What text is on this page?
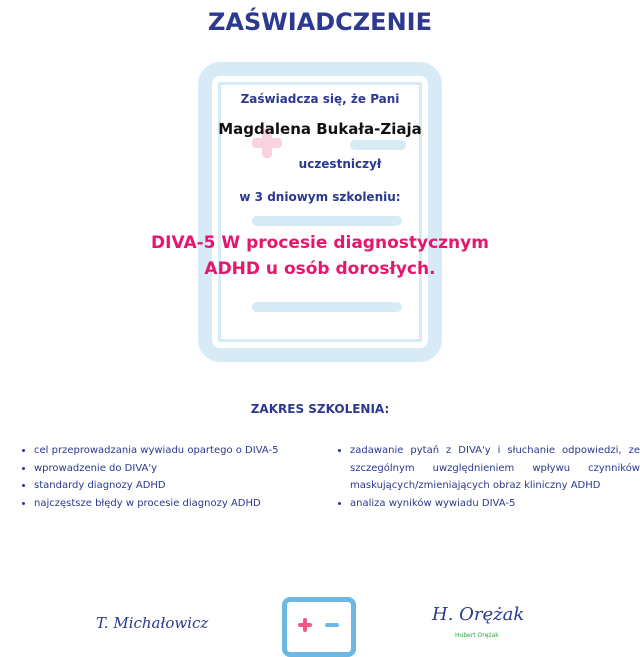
ZAŚWIADCZENIE
Zaświadcza się, że Pani
Magdalena Bukała-Ziaja
uczestniczył
w 3 dniowym szkoleniu:
DIVA-5 W procesie diagnostycznym
ADHD u osób dorosłych.
ZAKRES SZKOLENIA:
• cel przeprowadzania wywiadu opartego o DIVA-5
• wprowadzenie do DIVA'y
• standardy diagnozy ADHD
• najczęstsze błędy w procesie diagnozy ADHD
• zadawanie pytań z DIVA'y i słuchanie odpowiedzi, ze szczególnym uwzględnieniem wpływu czynników maskujących/zmieniających obraz kliniczny ADHD
• analiza wyników wywiadu DIVA-5
T. Michałowicz	H. Orężak
Hubert Orężak
